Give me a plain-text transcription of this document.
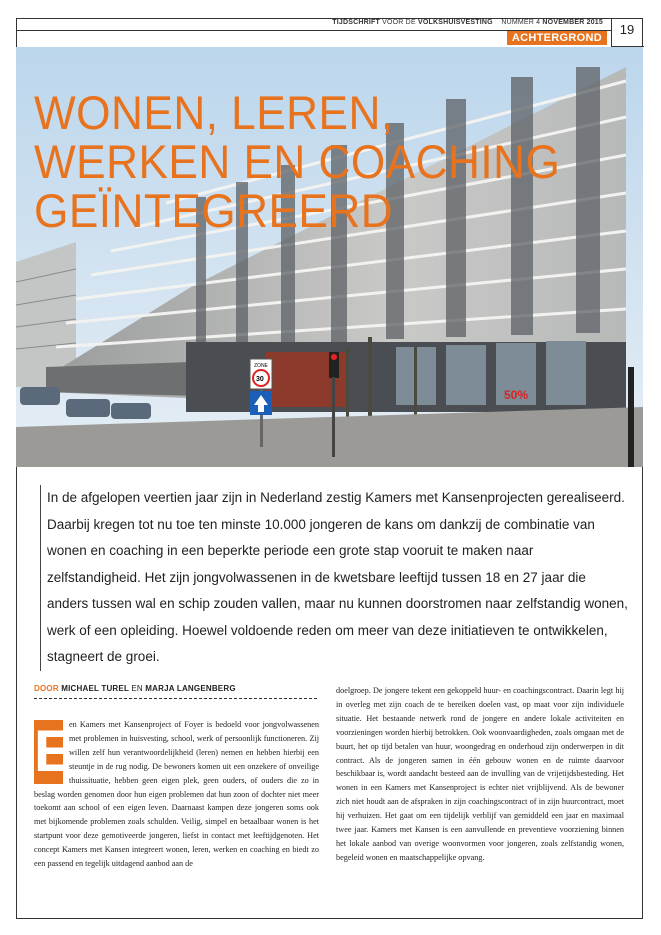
19
TIJDSCHRIFT VOOR DE VOLKSHUISVESTING NUMMER 4 NOVEMBER 2015
ACHTERGROND
50%
ZONE
30
WONEN, LEREN, WERKEN EN COACHING GEÏNTEGREERD

In de afgelopen veertien jaar zijn in Nederland zestig Kamers met Kansenprojecten gerealiseerd. Daarbij kregen tot nu toe ten minste 10.000 jongeren de kans om dankzij de combinatie van wonen en coaching in een beperkte periode een grote stap vooruit te maken naar zelfstandigheid. Het zijn jongvolwassenen in de kwetsbare leeftijd tussen 18 en 27 jaar die anders tussen wal en schip zouden vallen, maar nu kunnen doorstromen naar zelfstandig wonen, werk of een opleiding. Hoewel voldoende reden om meer van deze initiatieven te ontwikkelen, stagneert de groei.

DOOR MICHAEL TUREL EN MARJA LANGENBERG
E
en Kamers met Kansenproject of Foyer is bedoeld voor jongvolwassenen met problemen in huisvesting, school, werk of persoonlijk functioneren. Zij willen zelf hun verantwoordelijkheid (leren) nemen en hebben hierbij een steuntje in de rug nodig. De bewoners komen uit een onzekere of onveilige thuissituatie, hebben geen eigen plek, geen ouders, of ouders die zo in beslag worden genomen door hun eigen problemen dat hun zoon of dochter niet meer toekomt aan school of een eigen leven. Daarnaast kampen deze jongeren soms ook met bijkomende problemen zoals schulden. Veilig, simpel en betaalbaar wonen is het startpunt voor deze gemotiveerde jongeren, liefst in contact met leeftijdgenoten. Het concept Kamers met Kansen integreert wonen, leren, werken en coaching en biedt zo een passend en tegelijk uitdagend aanbod aan de

doelgroep. De jongere tekent een gekoppeld huur- en coachingscontract. Daarin legt hij in overleg met zijn coach de te bereiken doelen vast, op maat voor zijn individuele situatie. Het bestaande netwerk rond de jongere en andere lokale activiteiten en voorzieningen worden hierbij betrokken. Ook woonvaardigheden, zoals omgaan met de buurt, het op tijd betalen van huur, woongedrag en onderhoud zijn onderwerpen in dit contract. Als de jongeren samen in één gebouw wonen en de ruimte daarvoor beschikbaar is, wordt aandacht besteed aan de invulling van de vrijetijdsbesteding. Het wonen in een Kamers met Kansenproject is echter niet vrijblijvend. Als de bewoner zich niet houdt aan de afspraken in zijn coachingscontract of in zijn huurcontract, moet hij verhuizen. Het gaat om een tijdelijk verblijf van gemiddeld een jaar en maximaal twee jaar. Kamers met Kansen is een aanvullende en preventieve voorziening binnen het lokale aanbod van overige woonvormen voor jongeren, zoals zelfstandig wonen, begeleid wonen en maatschappelijke opvang.
